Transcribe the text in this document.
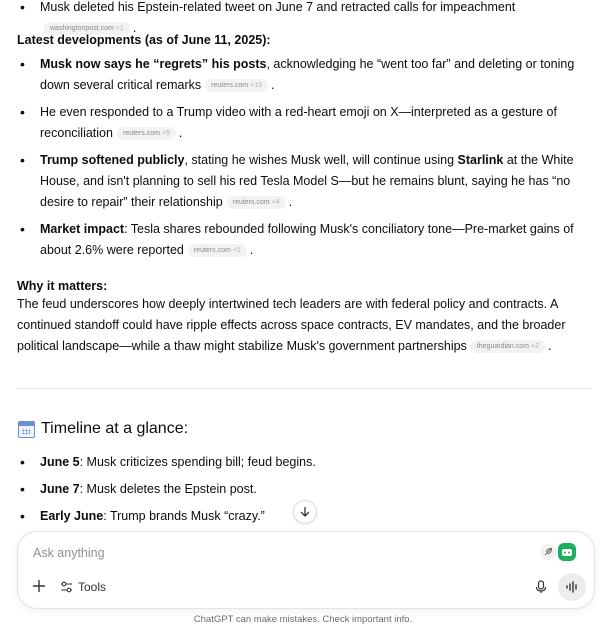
• Musk deleted his Epstein-related tweet on June 7 and retracted calls for impeachmentwashingtonpost.com +1 .
Latest developments (as of June 11, 2025):
• Musk now says he “regrets” his posts, acknowledging he “went too far” and deleting or toning down several critical remarks reuters.com +15 .
• He even responded to a Trump video with a red-heart emoji on X—interpreted as a gesture of reconciliation reuters.com +5 .
• Trump softened publicly, stating he wishes Musk well, will continue using Starlink at the White House, and isn't planning to sell his red Tesla Model S—but he remains blunt, saying he has “no desire to repair” their relationship reuters.com +4 .
• Market impact: Tesla shares rebounded following Musk's conciliatory tone—Pre-market gains of about 2.6% were reported reuters.com +1 .
Why it matters:
The feud underscores how deeply intertwined tech leaders are with federal policy and contracts. A continued standoff could have ripple effects across space contracts, EV mandates, and the broader political landscape—while a thaw might stabilize Musk's government partnerships theguardian.com +2 .
Timeline at a glance:
• June 5: Musk criticizes spending bill; feud begins.
• June 7: Musk deletes the Epstein post.
• Early June: Trump brands Musk “crazy.”
Ask anything
Tools
ChatGPT can make mistakes. Check important info.
